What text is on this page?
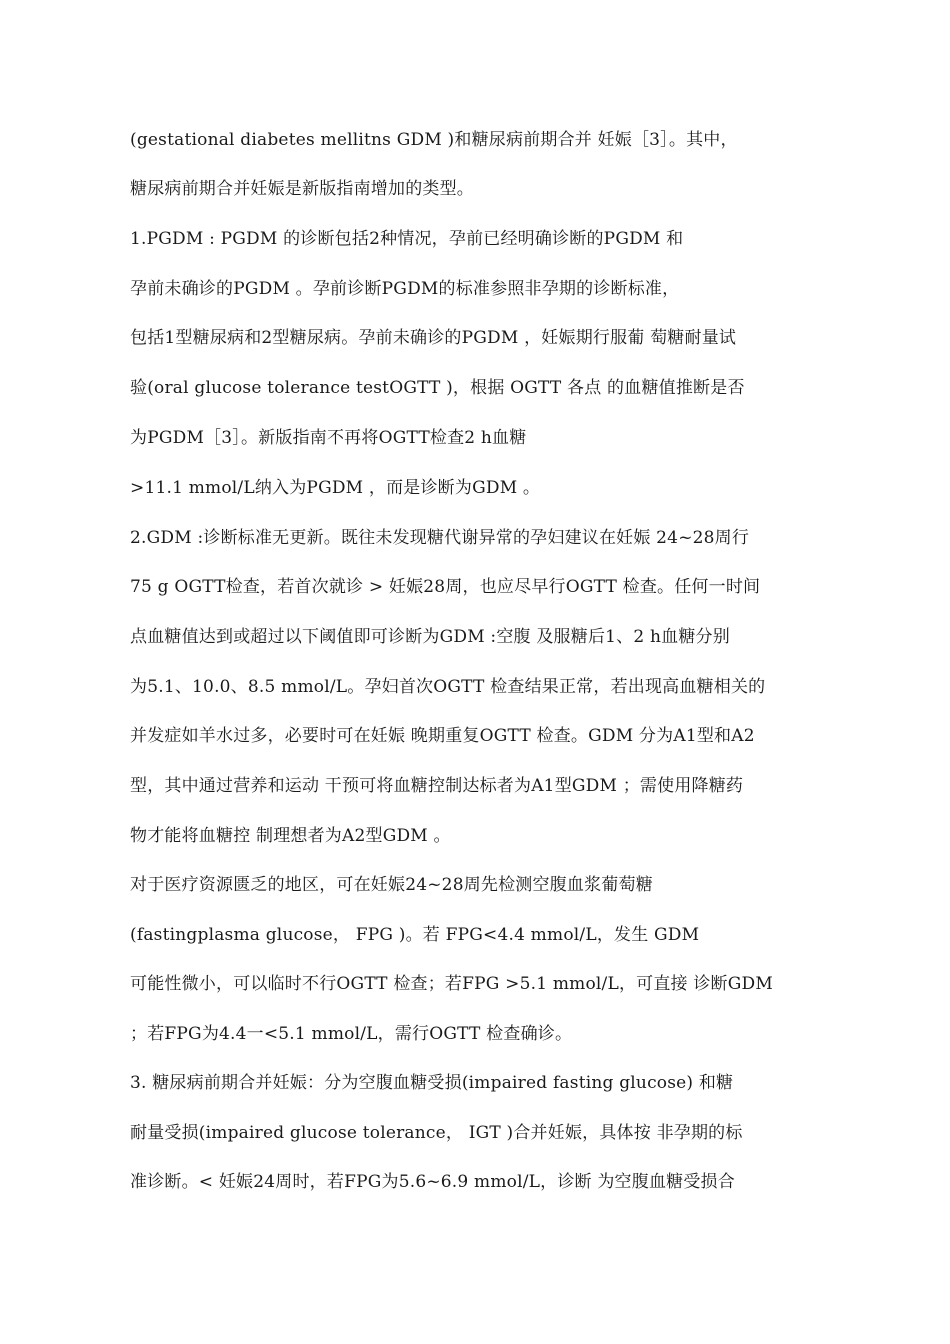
(gestational diabetes mellitns GDM )和糖尿病前期合并 妊娠［3］。其中，
糖尿病前期合并妊娠是新版指南增加的类型。
1.PGDM : PGDM 的诊断包括2种情况，孕前已经明确诊断的PGDM 和
孕前未确诊的PGDM 。孕前诊断PGDM的标准参照非孕期的诊断标准，
包括1型糖尿病和2型糖尿病。孕前未确诊的PGDM ，妊娠期行服葡 萄糖耐量试
验(oral glucose tolerance testOGTT )，根据 OGTT 各点 的血糖值推断是否
为PGDM［3］。新版指南不再将OGTT检查2 h血糖
>11.1 mmol/L纳入为PGDM ，而是诊断为GDM 。
2.GDM :诊断标准无更新。既往未发现糖代谢异常的孕妇建议在妊娠 24~28周行
75 g OGTT检查，若首次就诊 > 妊娠28周，也应尽早行OGTT 检查。任何一时间
点血糖值达到或超过以下阈值即可诊断为GDM :空腹 及服糖后1、2 h血糖分别
为5.1、10.0、8.5 mmol/L。孕妇首次OGTT 检查结果正常，若出现高血糖相关的
并发症如羊水过多，必要时可在妊娠 晚期重复OGTT 检查。GDM 分为A1型和A2
型，其中通过营养和运动 干预可将血糖控制达标者为A1型GDM ；需使用降糖药
物才能将血糖控 制理想者为A2型GDM 。
对于医疗资源匮乏的地区，可在妊娠24~28周先检测空腹血浆葡萄糖
(fastingplasma glucose， FPG )。若 FPG<4.4 mmol/L，发生 GDM
可能性微小，可以临时不行OGTT 检查；若FPG >5.1 mmol/L，可直接 诊断GDM
；若FPG为4.4一<5.1 mmol/L，需行OGTT 检查确诊。
3. 糖尿病前期合并妊娠：分为空腹血糖受损(impaired fasting glucose) 和糖
耐量受损(impaired glucose tolerance， IGT )合并妊娠，具体按 非孕期的标
准诊断。< 妊娠24周时，若FPG为5.6~6.9 mmol/L，诊断 为空腹血糖受损合
